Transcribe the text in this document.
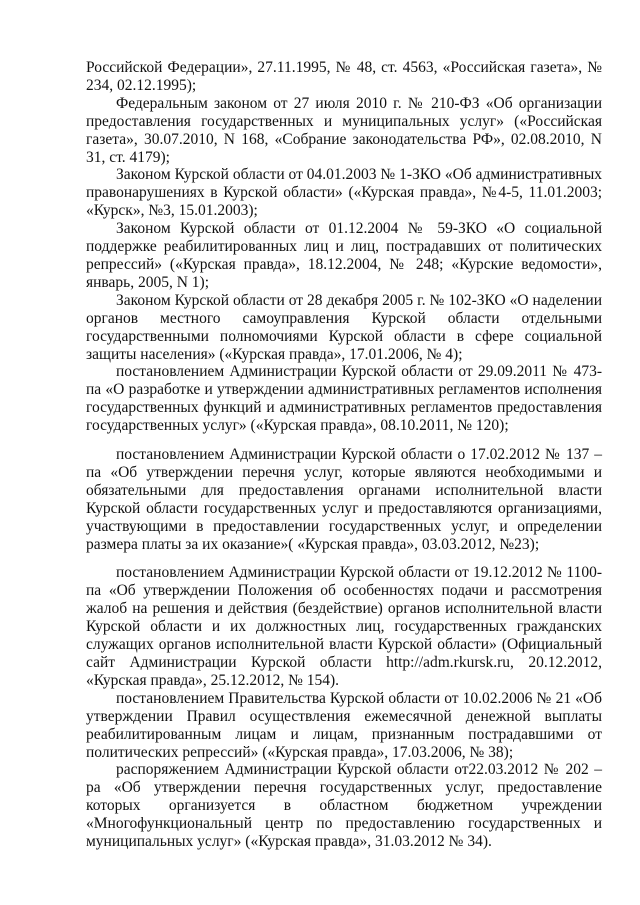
Российской Федерации», 27.11.1995, № 48, ст. 4563, «Российская газета», № 234, 02.12.1995);

Федеральным законом от 27 июля 2010 г. № 210-ФЗ «Об организации предоставления государственных и муниципальных услуг» («Российская газета», 30.07.2010, N 168, «Собрание законодательства РФ», 02.08.2010, N 31, ст. 4179);

Законом Курской области от 04.01.2003 № 1-ЗКО «Об административных правонарушениях в Курской области» («Курская правда», №4-5, 11.01.2003; «Курск», №3, 15.01.2003);

Законом Курской области от 01.12.2004 № 59-ЗКО «О социальной поддержке реабилитированных лиц и лиц, пострадавших от политических репрессий» («Курская правда», 18.12.2004, № 248; «Курские ведомости», январь, 2005, N 1);

Законом Курской области от 28 декабря 2005 г. № 102-ЗКО «О наделении органов местного самоуправления Курской области отдельными государственными полномочиями Курской области в сфере социальной защиты населения» («Курская правда», 17.01.2006, № 4);

постановлением Администрации Курской области от 29.09.2011 № 473-па «О разработке и утверждении административных регламентов исполнения государственных функций и административных регламентов предоставления государственных услуг» («Курская правда», 08.10.2011, № 120);

постановлением Администрации Курской области о 17.02.2012 № 137 – па «Об утверждении перечня услуг, которые являются необходимыми и обязательными для предоставления органами исполнительной власти Курской области государственных услуг и предоставляются организациями, участвующими в предоставлении государственных услуг, и определении размера платы за их оказание»( «Курская правда», 03.03.2012, №23);

постановлением Администрации Курской области от 19.12.2012 № 1100-па «Об утверждении Положения об особенностях подачи и рассмотрения жалоб на решения и действия (бездействие) органов исполнительной власти Курской области и их должностных лиц, государственных гражданских служащих органов исполнительной власти Курской области» (Официальный сайт Администрации Курской области http://adm.rkursk.ru, 20.12.2012, «Курская правда», 25.12.2012, № 154).

постановлением Правительства Курской области от 10.02.2006 № 21 «Об утверждении Правил осуществления ежемесячной денежной выплаты реабилитированным лицам и лицам, признанным пострадавшими от политических репрессий» («Курская правда», 17.03.2006, № 38);

распоряжением Администрации Курской области от22.03.2012 № 202 – ра «Об утверждении перечня государственных услуг, предоставление которых организуется в областном бюджетном учреждении «Многофункциональный центр по предоставлению государственных и муниципальных услуг» («Курская правда», 31.03.2012 № 34).
